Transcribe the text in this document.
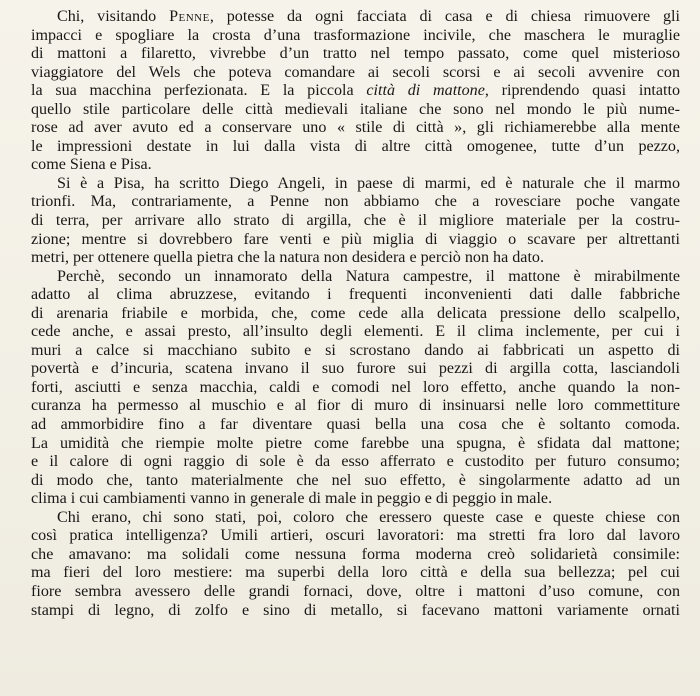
Chi, visitando Penne, potesse da ogni facciata di casa e di chiesa rimuovere gli
impacci e spogliare la crosta d’una trasformazione incivile, che maschera le muraglie
di mattoni a filaretto, vivrebbe d’un tratto nel tempo passato, come quel misterioso
viaggiatore del Wels che poteva comandare ai secoli scorsi e ai secoli avvenire con
la sua macchina perfezionata. E la piccola città di mattone, riprendendo quasi intatto
quello stile particolare delle città medievali italiane che sono nel mondo le più nume-
rose ad aver avuto ed a conservare uno « stile di città », gli richiamerebbe alla mente
le impressioni destate in lui dalla vista di altre città omogenee, tutte d’un pezzo,
come Siena e Pisa.
Si è a Pisa, ha scritto Diego Angeli, in paese di marmi, ed è naturale che il marmo
trionfi. Ma, contrariamente, a Penne non abbiamo che a rovesciare poche vangate
di terra, per arrivare allo strato di argilla, che è il migliore materiale per la costru-
zione; mentre si dovrebbero fare venti e più miglia di viaggio o scavare per altrettanti
metri, per ottenere quella pietra che la natura non desidera e perciò non ha dato.
Perchè, secondo un innamorato della Natura campestre, il mattone è mirabilmente
adatto al clima abruzzese, evitando i frequenti inconvenienti dati dalle fabbriche
di arenaria friabile e morbida, che, come cede alla delicata pressione dello scalpello,
cede anche, e assai presto, all’insulto degli elementi. E il clima inclemente, per cui i
muri a calce si macchiano subito e si scrostano dando ai fabbricati un aspetto di
povertà e d’incuria, scatena invano il suo furore sui pezzi di argilla cotta, lasciandoli
forti, asciutti e senza macchia, caldi e comodi nel loro effetto, anche quando la non-
curanza ha permesso al muschio e al fior di muro di insinuarsi nelle loro commettiture
ad ammorbidire fino a far diventare quasi bella una cosa che è soltanto comoda.
La umidità che riempie molte pietre come farebbe una spugna, è sfidata dal mattone;
e il calore di ogni raggio di sole è da esso afferrato e custodito per futuro consumo;
di modo che, tanto materialmente che nel suo effetto, è singolarmente adatto ad un
clima i cui cambiamenti vanno in generale di male in peggio e di peggio in male.
Chi erano, chi sono stati, poi, coloro che eressero queste case e queste chiese con
così pratica intelligenza? Umili artieri, oscuri lavoratori: ma stretti fra loro dal lavoro
che amavano: ma solidali come nessuna forma moderna creò solidarietà consimile:
ma fieri del loro mestiere: ma superbi della loro città e della sua bellezza; pel cui
fiore sembra avessero delle grandi fornaci, dove, oltre i mattoni d’uso comune, con
stampi di legno, di zolfo e sino di metallo, si facevano mattoni variamente ornati
